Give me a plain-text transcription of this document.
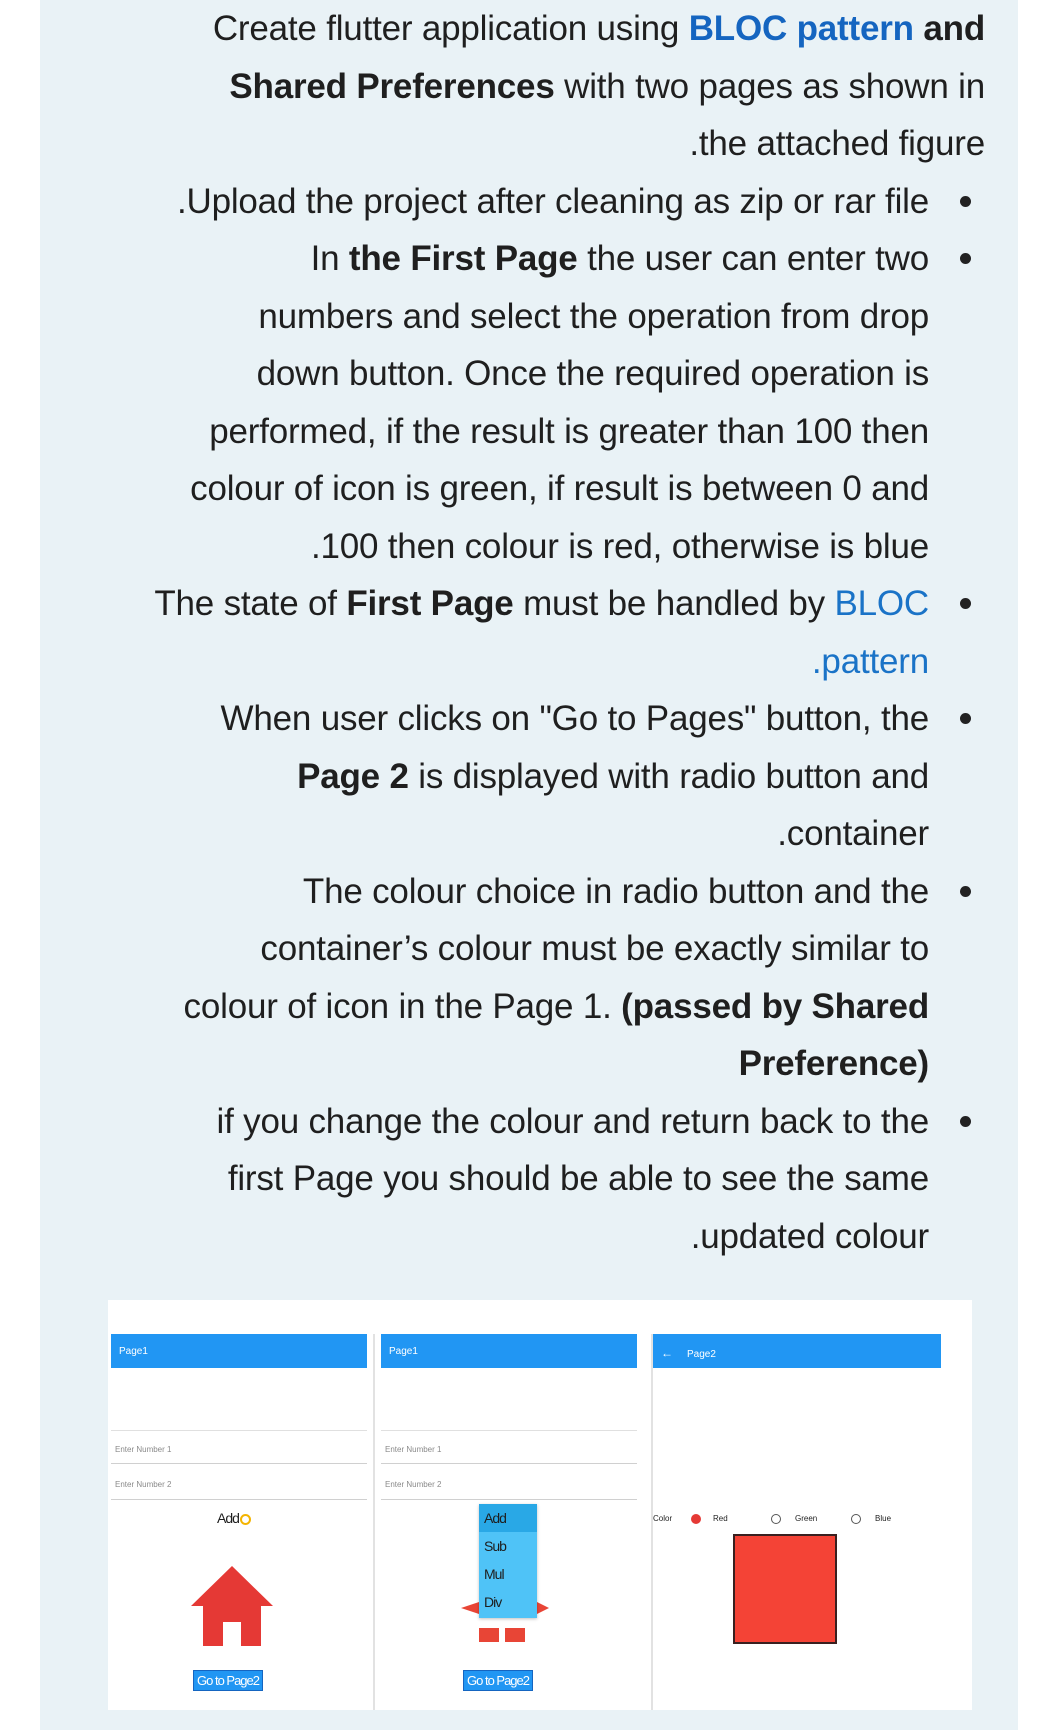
Create flutter application using BLOC pattern and
Shared Preferences with two pages as shown in
.the attached figure
.Upload the project after cleaning as zip or rar file
In the First Page the user can enter two
numbers and select the operation from drop
down button. Once the required operation is
performed, if the result is greater than 100 then
colour of icon is green, if result is between 0 and
.100 then colour is red, otherwise is blue
The state of First Page must be handled by BLOC
.pattern
When user clicks on "Go to Pages" button, the
Page 2 is displayed with radio button and
.container
The colour choice in radio button and the
container’s colour must be exactly similar to
colour of icon in the Page 1. (passed by Shared
Preference)
if you change the colour and return back to the
first Page you should be able to see the same
.updated colour
Page1
Enter Number 1
Enter Number 2
Add
Go to Page2
Page1
Enter Number 1
Enter Number 2
Add
Sub
Mul
Div
Go to Page2
← Page2
Color	Red	Green	Blue
